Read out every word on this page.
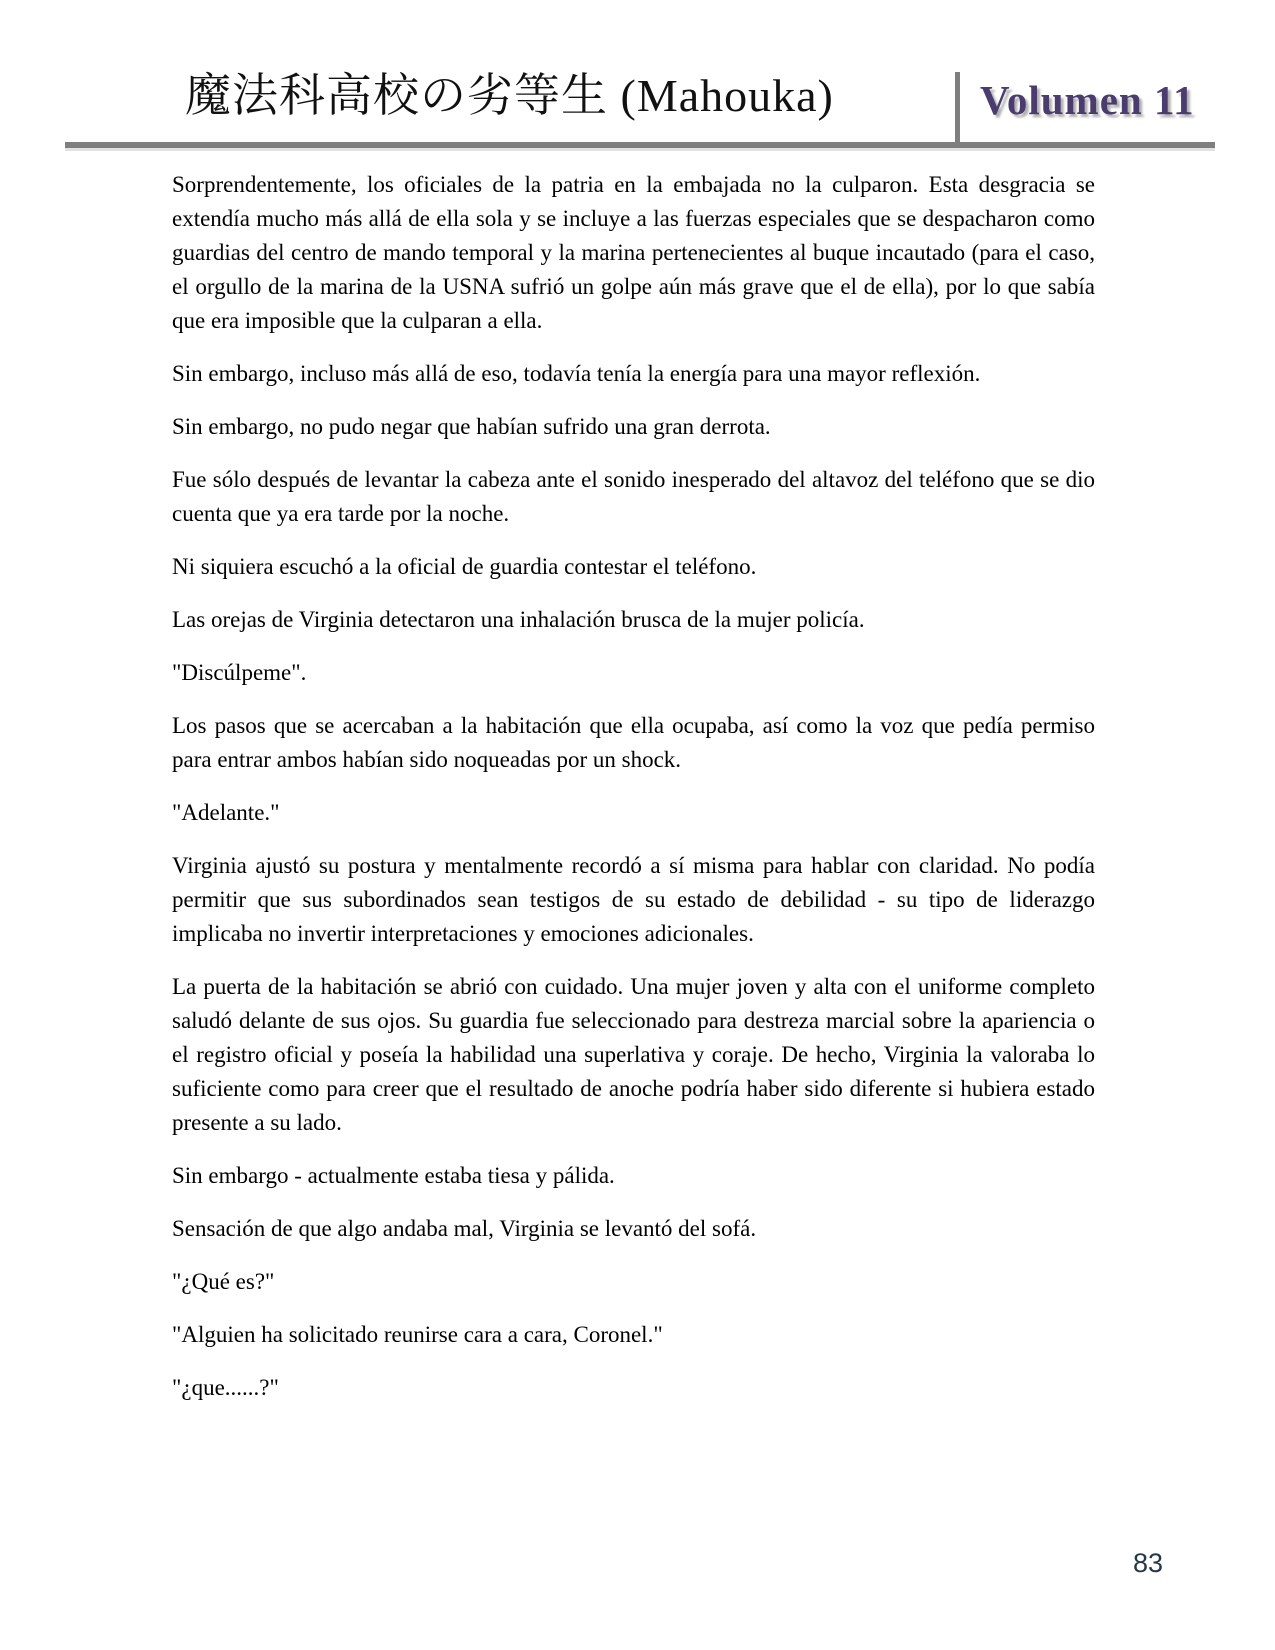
魔法科高校の劣等生 (Mahouka)	Volumen 11

Sorprendentemente, los oficiales de la patria en la embajada no la culparon. Esta desgracia se extendía mucho más allá de ella sola y se incluye a las fuerzas especiales que se despacharon como guardias del centro de mando temporal y la marina pertenecientes al buque incautado (para el caso, el orgullo de la marina de la USNA sufrió un golpe aún más grave que el de ella), por lo que sabía que era imposible que la culparan a ella.

Sin embargo, incluso más allá de eso, todavía tenía la energía para una mayor reflexión.

Sin embargo, no pudo negar que habían sufrido una gran derrota.

Fue sólo después de levantar la cabeza ante el sonido inesperado del altavoz del teléfono que se dio cuenta que ya era tarde por la noche.

Ni siquiera escuchó a la oficial de guardia contestar el teléfono.

Las orejas de Virginia detectaron una inhalación brusca de la mujer policía.

"Discúlpeme".

Los pasos que se acercaban a la habitación que ella ocupaba, así como la voz que pedía permiso para entrar ambos habían sido noqueadas por un shock.

"Adelante."

Virginia ajustó su postura y mentalmente recordó a sí misma para hablar con claridad. No podía permitir que sus subordinados sean testigos de su estado de debilidad - su tipo de liderazgo implicaba no invertir interpretaciones y emociones adicionales.

La puerta de la habitación se abrió con cuidado. Una mujer joven y alta con el uniforme completo saludó delante de sus ojos. Su guardia fue seleccionado para destreza marcial sobre la apariencia o el registro oficial y poseía la habilidad una superlativa y coraje. De hecho, Virginia la valoraba lo suficiente como para creer que el resultado de anoche podría haber sido diferente si hubiera estado presente a su lado.

Sin embargo - actualmente estaba tiesa y pálida.

Sensación de que algo andaba mal, Virginia se levantó del sofá.

"¿Qué es?"

"Alguien ha solicitado reunirse cara a cara, Coronel."

"¿que......?"

83
